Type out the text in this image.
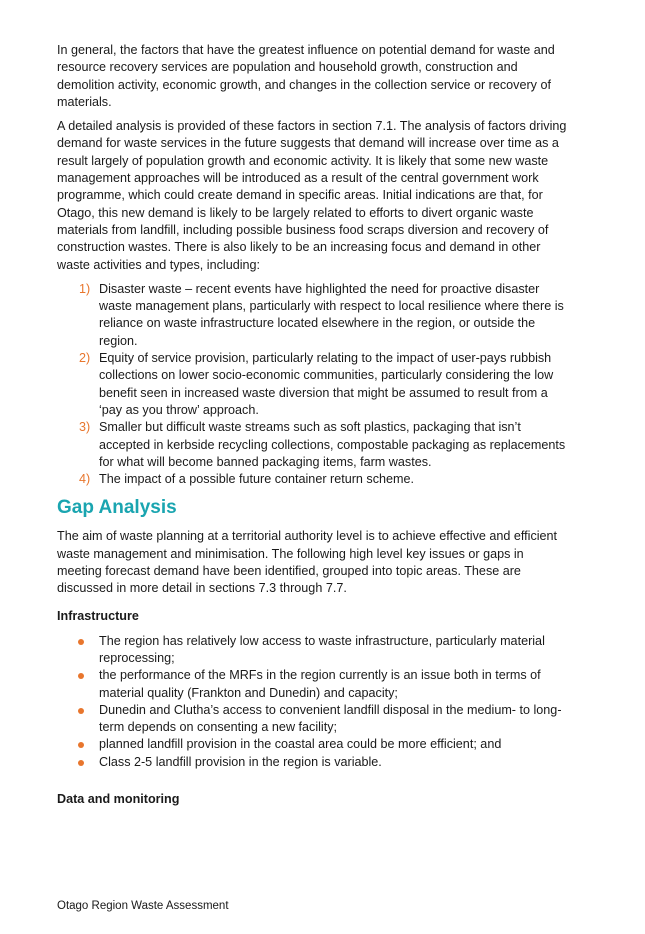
In general, the factors that have the greatest influence on potential demand for waste and resource recovery services are population and household growth, construction and demolition activity, economic growth, and changes in the collection service or recovery of materials.

A detailed analysis is provided of these factors in section 7.1. The analysis of factors driving demand for waste services in the future suggests that demand will increase over time as a result largely of population growth and economic activity. It is likely that some new waste management approaches will be introduced as a result of the central government work programme, which could create demand in specific areas. Initial indications are that, for Otago, this new demand is likely to be largely related to efforts to divert organic waste materials from landfill, including possible business food scraps diversion and recovery of construction wastes. There is also likely to be an increasing focus and demand in other waste activities and types, including:

1) Disaster waste – recent events have highlighted the need for proactive disaster waste management plans, particularly with respect to local resilience where there is reliance on waste infrastructure located elsewhere in the region, or outside the region.
2) Equity of service provision, particularly relating to the impact of user-pays rubbish collections on lower socio-economic communities, particularly considering the low benefit seen in increased waste diversion that might be assumed to result from a ‘pay as you throw’ approach.
3) Smaller but difficult waste streams such as soft plastics, packaging that isn’t accepted in kerbside recycling collections, compostable packaging as replacements for what will become banned packaging items, farm wastes.
4) The impact of a possible future container return scheme.
Gap Analysis

The aim of waste planning at a territorial authority level is to achieve effective and efficient waste management and minimisation. The following high level key issues or gaps in meeting forecast demand have been identified, grouped into topic areas. These are discussed in more detail in sections 7.3 through 7.7.

Infrastructure
The region has relatively low access to waste infrastructure, particularly material reprocessing;
the performance of the MRFs in the region currently is an issue both in terms of material quality (Frankton and Dunedin) and capacity;
Dunedin and Clutha’s access to convenient landfill disposal in the medium- to long-term depends on consenting a new facility;
planned landfill provision in the coastal area could be more efficient; and
Class 2-5 landfill provision in the region is variable.
Data and monitoring
Otago Region Waste Assessment
